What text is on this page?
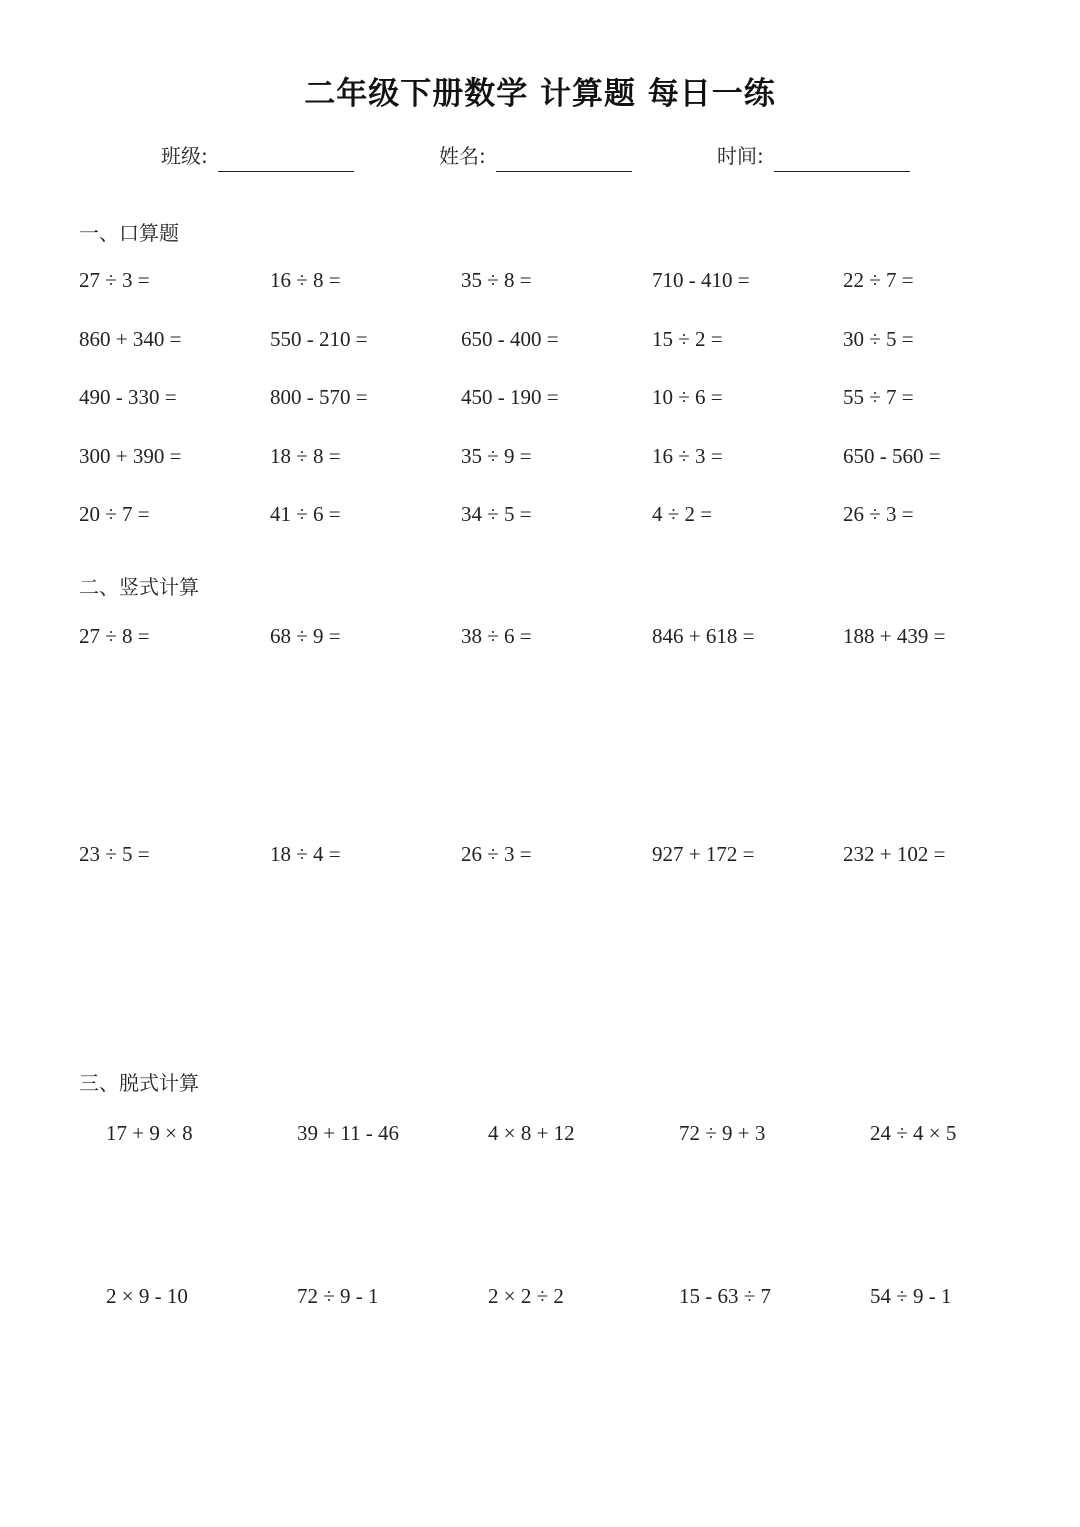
二年级下册数学 计算题 每日一练
班级:	姓名:	时间:
一、口算题
27 ÷ 3 =	16 ÷ 8 =	35 ÷ 8 =	710 - 410 =	22 ÷ 7 =
860 + 340 =	550 - 210 =	650 - 400 =	15 ÷ 2 =	30 ÷ 5 =
490 - 330 =	800 - 570 =	450 - 190 =	10 ÷ 6 =	55 ÷ 7 =
300 + 390 =	18 ÷ 8 =	35 ÷ 9 =	16 ÷ 3 =	650 - 560 =
20 ÷ 7 =	41 ÷ 6 =	34 ÷ 5 =	4 ÷ 2 =	26 ÷ 3 =
二、竖式计算
27 ÷ 8 =	68 ÷ 9 =	38 ÷ 6 =	846 + 618 =	188 + 439 =
23 ÷ 5 =	18 ÷ 4 =	26 ÷ 3 =	927 + 172 =	232 + 102 =
三、脱式计算
17 + 9 × 8	39 + 11 - 46	4 × 8 + 12	72 ÷ 9 + 3	24 ÷ 4 × 5
2 × 9 - 10	72 ÷ 9 - 1	2 × 2 ÷ 2	15 - 63 ÷ 7	54 ÷ 9 - 1
